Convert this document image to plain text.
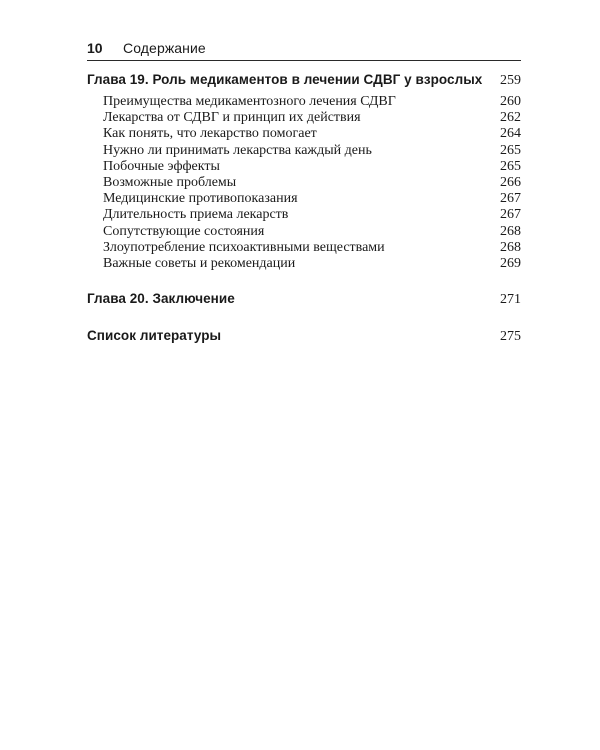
10	Содержание
Глава 19. Роль медикаментов в лечении СДВГ у взрослых 259
Преимущества медикаментозного лечения СДВГ	260
Лекарства от СДВГ и принцип их действия	262
Как понять, что лекарство помогает	264
Нужно ли принимать лекарства каждый день	265
Побочные эффекты	265
Возможные проблемы	266
Медицинские противопоказания	267
Длительность приема лекарств	267
Сопутствующие состояния	268
Злоупотребление психоактивными веществами	268
Важные советы и рекомендации	269
Глава 20. Заключение	271
Список литературы	275
